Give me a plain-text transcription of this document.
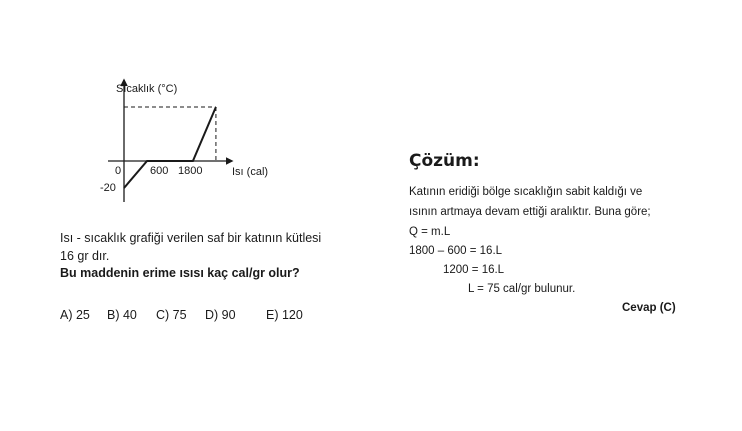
Sıcaklık (°C)
Isı (cal)
0	600 1800
-20
Isı - sıcaklık grafiği verilen saf bir katının kütlesi
16 gr dır.
Bu maddenin erime ısısı kaç cal/gr olur?
A) 25 B) 40 C) 75 D) 90 E) 120
Çözüm:
Katının eridiği bölge sıcaklığın sabit kaldığı ve
ısının artmaya devam ettiği aralıktır. Buna göre;
Q = m.L
1800 – 600 = 16.L
1200 = 16.L
L = 75 cal/gr bulunur.
Cevap (C)
